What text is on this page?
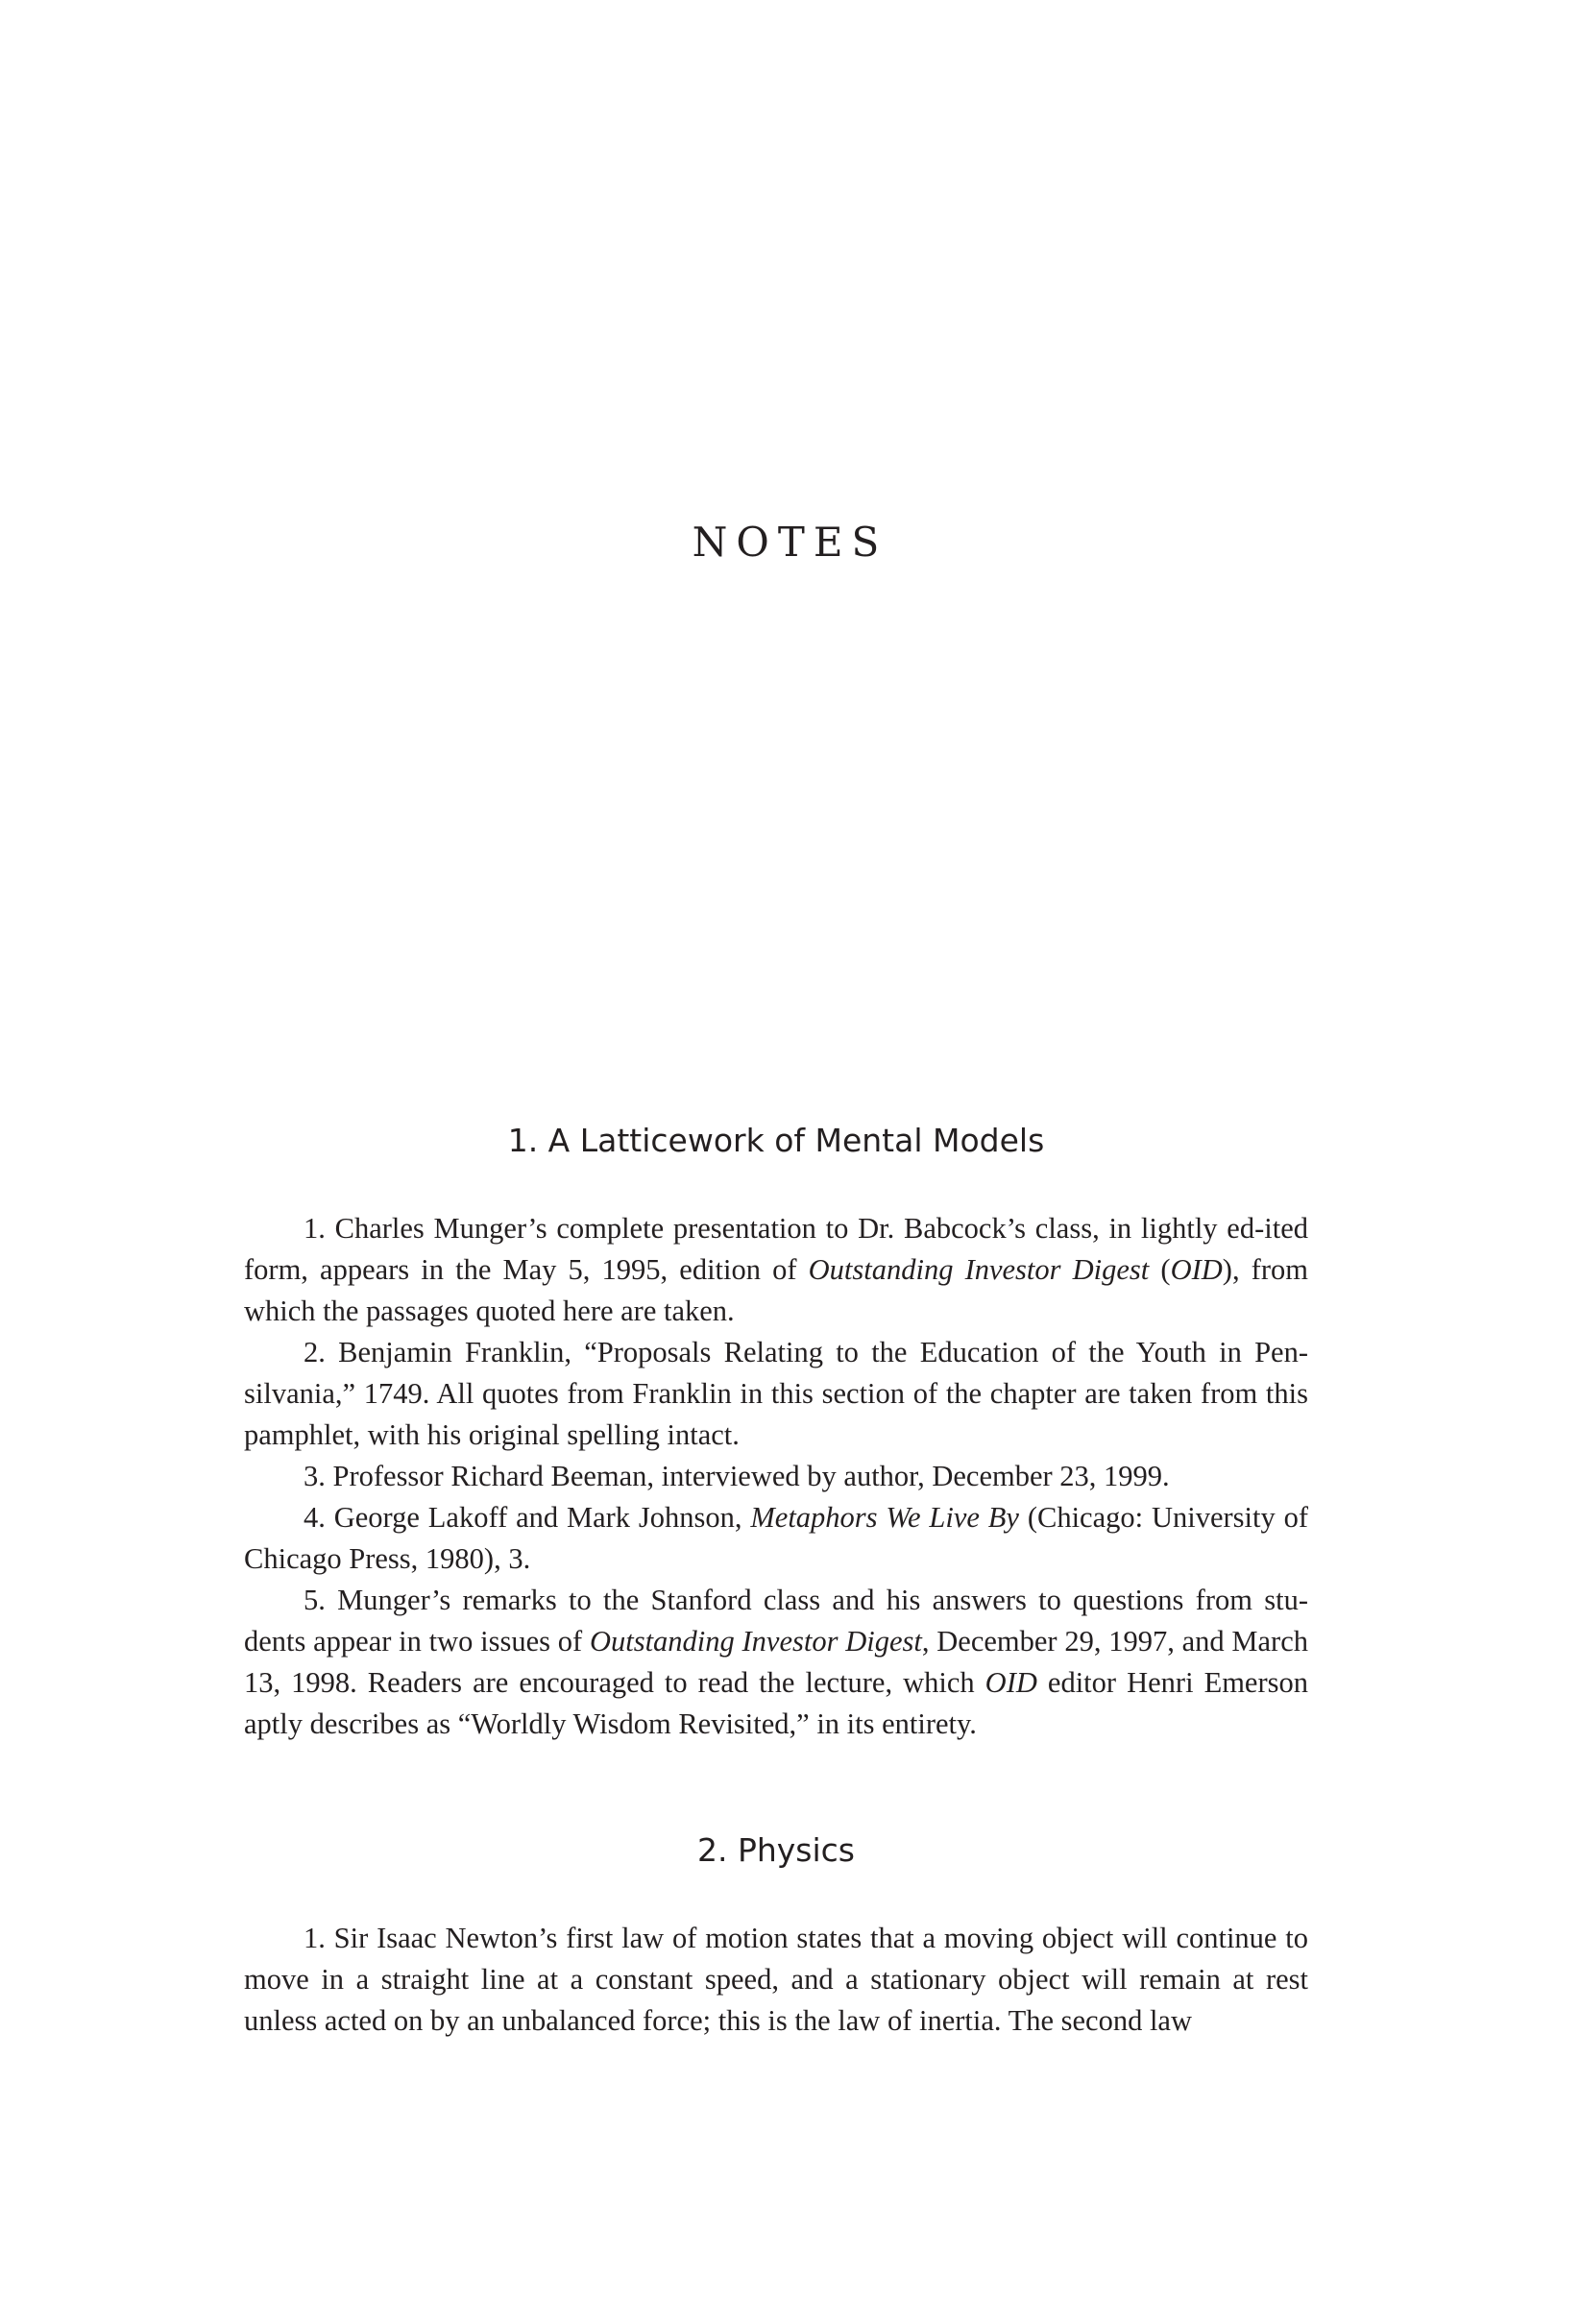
NOTES
1. A Latticework of Mental Models

1. Charles Munger’s complete presentation to Dr. Babcock’s class, in lightly ed-ited form, appears in the May 5, 1995, edition of Outstanding Investor Digest (OID), from which the passages quoted here are taken.

2. Benjamin Franklin, “Proposals Relating to the Education of the Youth in Pen-silvania,” 1749. All quotes from Franklin in this section of the chapter are taken from this pamphlet, with his original spelling intact.

3. Professor Richard Beeman, interviewed by author, December 23, 1999.

4. George Lakoff and Mark Johnson, Metaphors We Live By (Chicago: University of Chicago Press, 1980), 3.

5. Munger’s remarks to the Stanford class and his answers to questions from stu-dents appear in two issues of Outstanding Investor Digest, December 29, 1997, and March 13, 1998. Readers are encouraged to read the lecture, which OID editor Henri Emerson aptly describes as “Worldly Wisdom Revisited,” in its entirety.

2. Physics

1. Sir Isaac Newton’s first law of motion states that a moving object will continue to move in a straight line at a constant speed, and a stationary object will remain at rest unless acted on by an unbalanced force; this is the law of inertia. The second law
